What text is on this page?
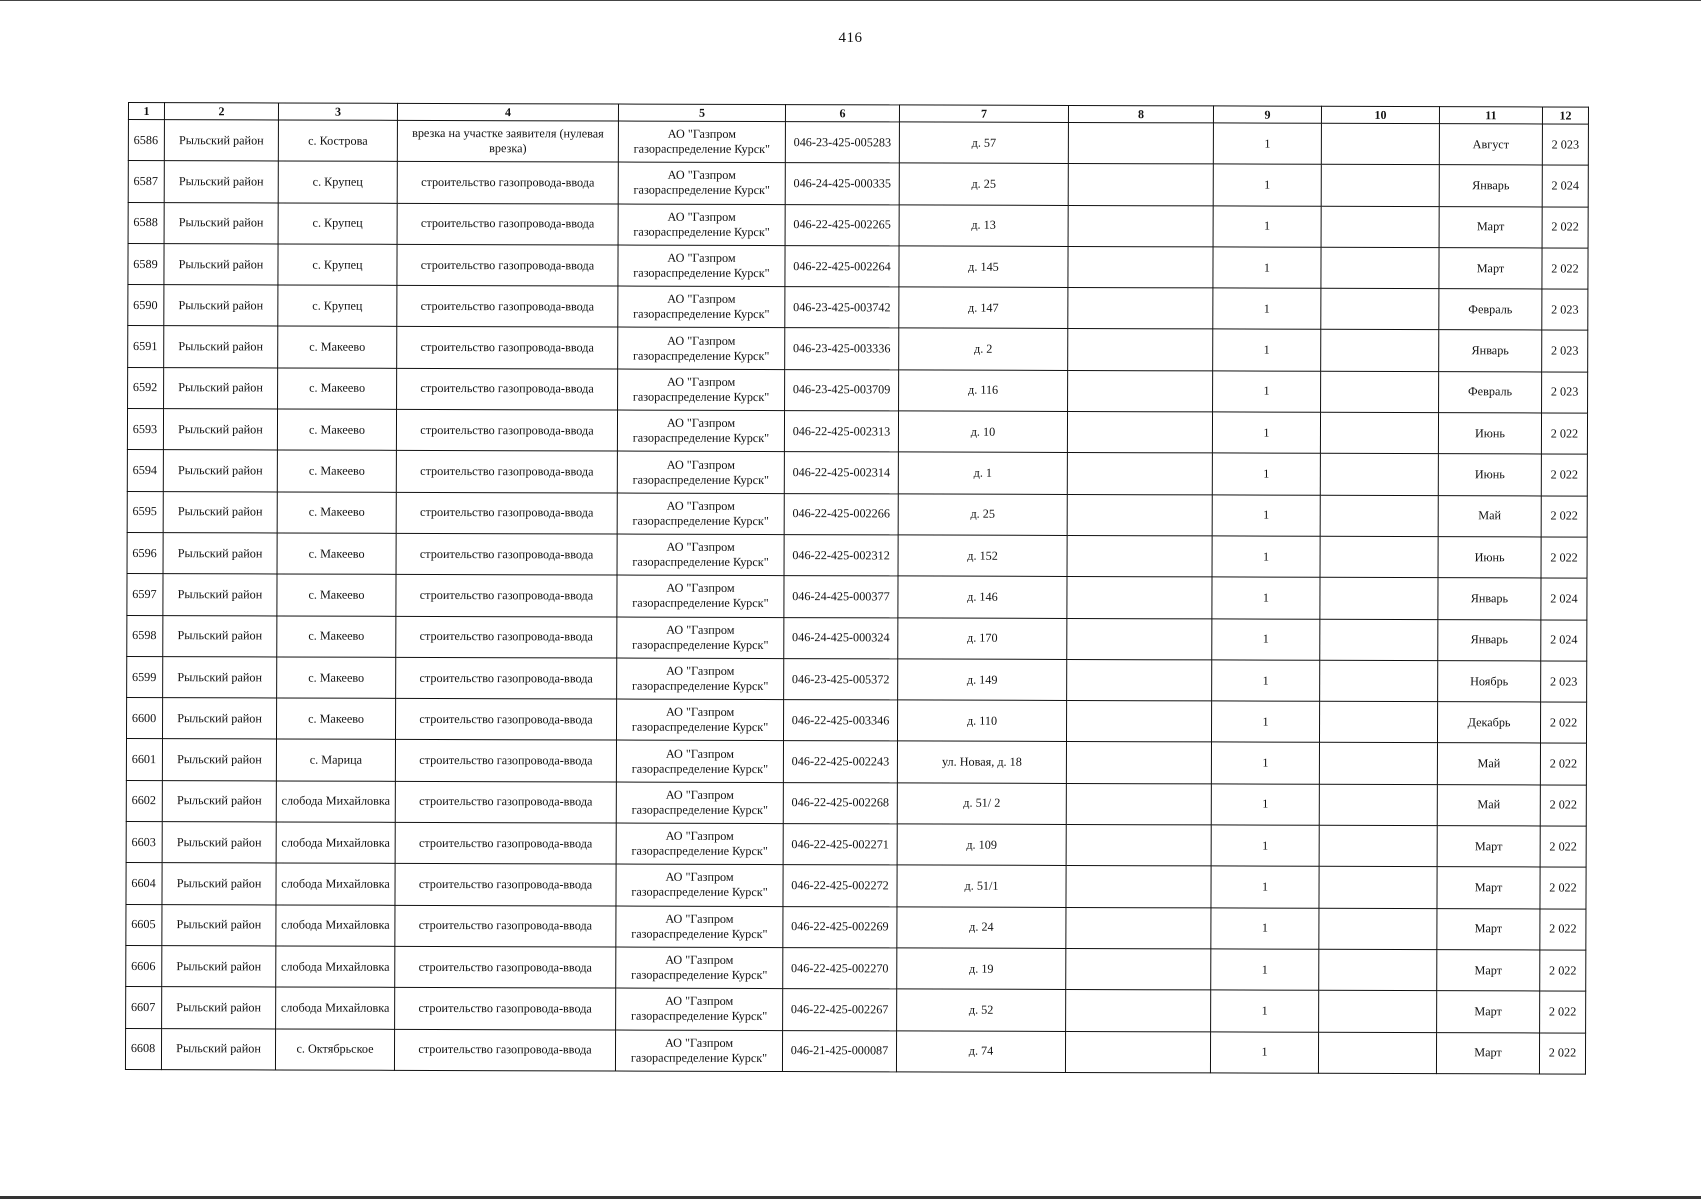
416
1	2	3	4	5	6	7	8	9	10	11	12
6586	Рыльский район	с. Кострова	врезка на участке заявителя (нулевая врезка)	АО "Газпром газораспределение Курск"	046-23-425-005283	д. 57		1		Август	2 023
6587	Рыльский район	с. Крупец	строительство газопровода-ввода	АО "Газпром газораспределение Курск"	046-24-425-000335	д. 25		1		Январь	2 024
6588	Рыльский район	с. Крупец	строительство газопровода-ввода	АО "Газпром газораспределение Курск"	046-22-425-002265	д. 13		1		Март	2 022
6589	Рыльский район	с. Крупец	строительство газопровода-ввода	АО "Газпром газораспределение Курск"	046-22-425-002264	д. 145		1		Март	2 022
6590	Рыльский район	с. Крупец	строительство газопровода-ввода	АО "Газпром газораспределение Курск"	046-23-425-003742	д. 147		1		Февраль	2 023
6591	Рыльский район	с. Макеево	строительство газопровода-ввода	АО "Газпром газораспределение Курск"	046-23-425-003336	д. 2		1		Январь	2 023
6592	Рыльский район	с. Макеево	строительство газопровода-ввода	АО "Газпром газораспределение Курск"	046-23-425-003709	д. 116		1		Февраль	2 023
6593	Рыльский район	с. Макеево	строительство газопровода-ввода	АО "Газпром газораспределение Курск"	046-22-425-002313	д. 10		1		Июнь	2 022
6594	Рыльский район	с. Макеево	строительство газопровода-ввода	АО "Газпром газораспределение Курск"	046-22-425-002314	д. 1		1		Июнь	2 022
6595	Рыльский район	с. Макеево	строительство газопровода-ввода	АО "Газпром газораспределение Курск"	046-22-425-002266	д. 25		1		Май	2 022
6596	Рыльский район	с. Макеево	строительство газопровода-ввода	АО "Газпром газораспределение Курск"	046-22-425-002312	д. 152		1		Июнь	2 022
6597	Рыльский район	с. Макеево	строительство газопровода-ввода	АО "Газпром газораспределение Курск"	046-24-425-000377	д. 146		1		Январь	2 024
6598	Рыльский район	с. Макеево	строительство газопровода-ввода	АО "Газпром газораспределение Курск"	046-24-425-000324	д. 170		1		Январь	2 024
6599	Рыльский район	с. Макеево	строительство газопровода-ввода	АО "Газпром газораспределение Курск"	046-23-425-005372	д. 149		1		Ноябрь	2 023
6600	Рыльский район	с. Макеево	строительство газопровода-ввода	АО "Газпром газораспределение Курск"	046-22-425-003346	д. 110		1		Декабрь	2 022
6601	Рыльский район	с. Марица	строительство газопровода-ввода	АО "Газпром газораспределение Курск"	046-22-425-002243	ул. Новая, д. 18		1		Май	2 022
6602	Рыльский район	слобода Михайловка	строительство газопровода-ввода	АО "Газпром газораспределение Курск"	046-22-425-002268	д. 51/ 2		1		Май	2 022
6603	Рыльский район	слобода Михайловка	строительство газопровода-ввода	АО "Газпром газораспределение Курск"	046-22-425-002271	д. 109		1		Март	2 022
6604	Рыльский район	слобода Михайловка	строительство газопровода-ввода	АО "Газпром газораспределение Курск"	046-22-425-002272	д. 51/1		1		Март	2 022
6605	Рыльский район	слобода Михайловка	строительство газопровода-ввода	АО "Газпром газораспределение Курск"	046-22-425-002269	д. 24		1		Март	2 022
6606	Рыльский район	слобода Михайловка	строительство газопровода-ввода	АО "Газпром газораспределение Курск"	046-22-425-002270	д. 19		1		Март	2 022
6607	Рыльский район	слобода Михайловка	строительство газопровода-ввода	АО "Газпром газораспределение Курск"	046-22-425-002267	д. 52		1		Март	2 022
6608	Рыльский район	с. Октябрьское	строительство газопровода-ввода	АО "Газпром газораспределение Курск"	046-21-425-000087	д. 74		1		Март	2 022
